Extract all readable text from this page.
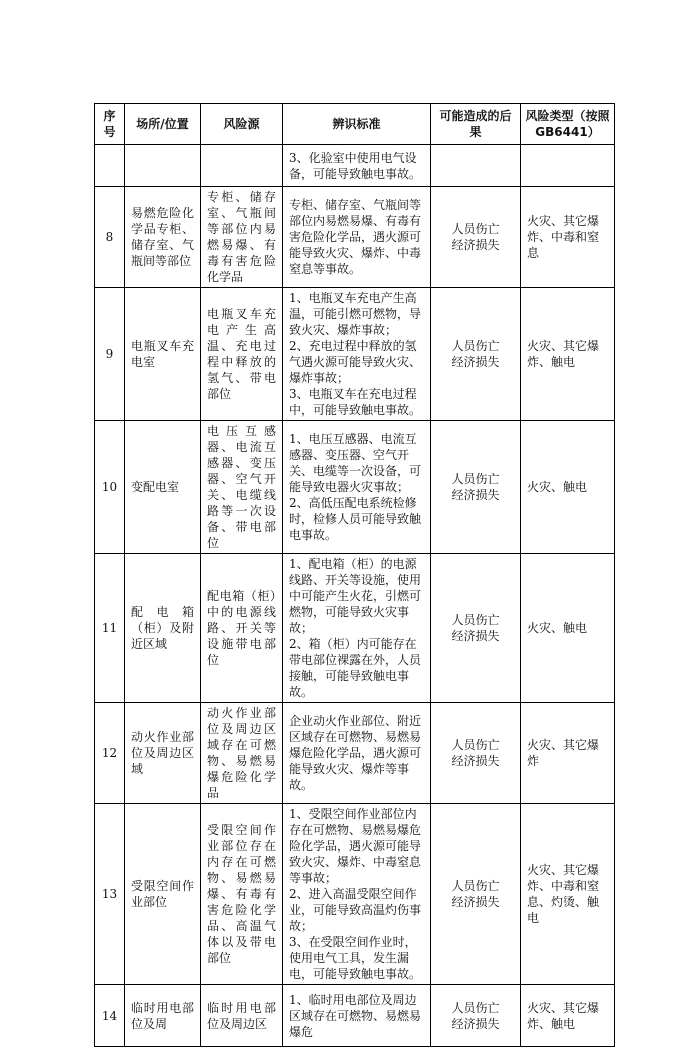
序号	场所/位置	风险源	辨识标准	可能造成的后果	风险类型（按照GB6441）

			3、化验室中使用电气设备，可能导致触电事故。		

8	易燃危险化学品专柜、储存室、气瓶间等部位	专柜、储存室、气瓶间等部位内易燃易爆、有毒有害危险化学品	专柜、储存室、气瓶间等部位内易燃易爆、有毒有害危险化学品，遇火源可能导致火灾、爆炸、中毒窒息等事故。	人员伤亡
经济损失	火灾、其它爆炸、中毒和窒息

9	电瓶叉车充电室	电瓶叉车充电产生高温、充电过程中释放的氢气、带电部位	1、电瓶叉车充电产生高温，可能引燃可燃物，导致火灾、爆炸事故；
2、充电过程中释放的氢气遇火源可能导致火灾、爆炸事故；
3、电瓶叉车在充电过程中，可能导致触电事故。	人员伤亡
经济损失	火灾、其它爆炸、触电

10	变配电室	电压互感器、电流互感器、变压器、空气开关、电缆线路等一次设备、带电部位	1、电压互感器、电流互感器、变压器、空气开关、电缆等一次设备，可能导致电器火灾事故；
2、高低压配电系统检修时，检修人员可能导致触电事故。	人员伤亡
经济损失	火灾、触电

11	配电箱（柜）及附近区域	配电箱（柜）中的电源线路、开关等设施带电部位	1、配电箱（柜）的电源线路、开关等设施，使用中可能产生火花，引燃可燃物，可能导致火灾事故；
2、箱（柜）内可能存在带电部位裸露在外，人员接触，可能导致触电事故。	人员伤亡
经济损失	火灾、触电

12	动火作业部位及周边区域	动火作业部位及周边区域存在可燃物、易燃易爆危险化学品	企业动火作业部位、附近区域存在可燃物、易燃易爆危险化学品，遇火源可能导致火灾、爆炸等事故。	人员伤亡
经济损失	火灾、其它爆炸

13	受限空间作业部位	受限空间作业部位存在内存在可燃物、易燃易爆、有毒有害危险化学品、高温气体以及带电部位	1、受限空间作业部位内存在可燃物、易燃易爆危险化学品，遇火源可能导致火灾、爆炸、中毒窒息等事故；
2、进入高温受限空间作业，可能导致高温灼伤事故；
3、在受限空间作业时，使用电气工具，发生漏电，可能导致触电事故。	人员伤亡
经济损失	火灾、其它爆炸、中毒和窒息、灼烫、触电

14	临时用电部位及周	临时用电部位及周边区	1、临时用电部位及周边区域存在可燃物、易燃易爆危	人员伤亡
经济损失	火灾、其它爆炸、触电
